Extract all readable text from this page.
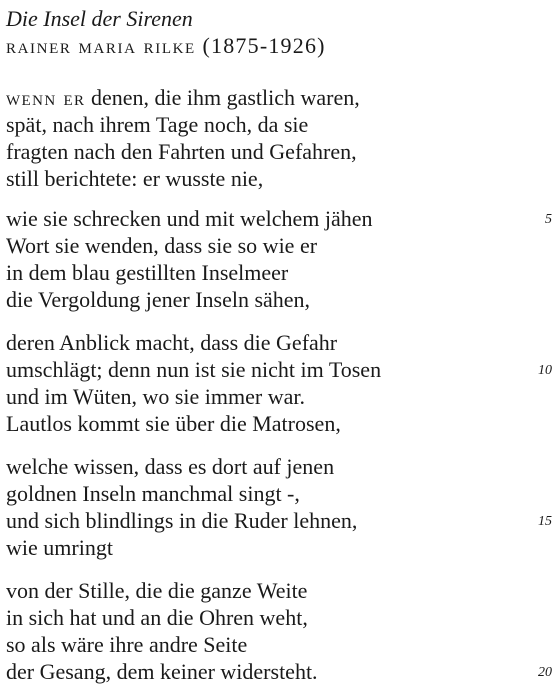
Die Insel der Sirenen
rainer maria rilke (1875-1926)
wenn er denen, die ihm gastlich waren,
spät, nach ihrem Tage noch, da sie
fragten nach den Fahrten und Gefahren,
still berichtete: er wusste nie,
wie sie schrecken und mit welchem jähen	5
Wort sie wenden, dass sie so wie er
in dem blau gestillten Inselmeer
die Vergoldung jener Inseln sähen,
deren Anblick macht, dass die Gefahr
umschlägt; denn nun ist sie nicht im Tosen	10
und im Wüten, wo sie immer war.
Lautlos kommt sie über die Matrosen,
welche wissen, dass es dort auf jenen
goldnen Inseln manchmal singt -,
und sich blindlings in die Ruder lehnen,	15
wie umringt
von der Stille, die die ganze Weite
in sich hat und an die Ohren weht,
so als wäre ihre andre Seite
der Gesang, dem keiner widersteht.	20
